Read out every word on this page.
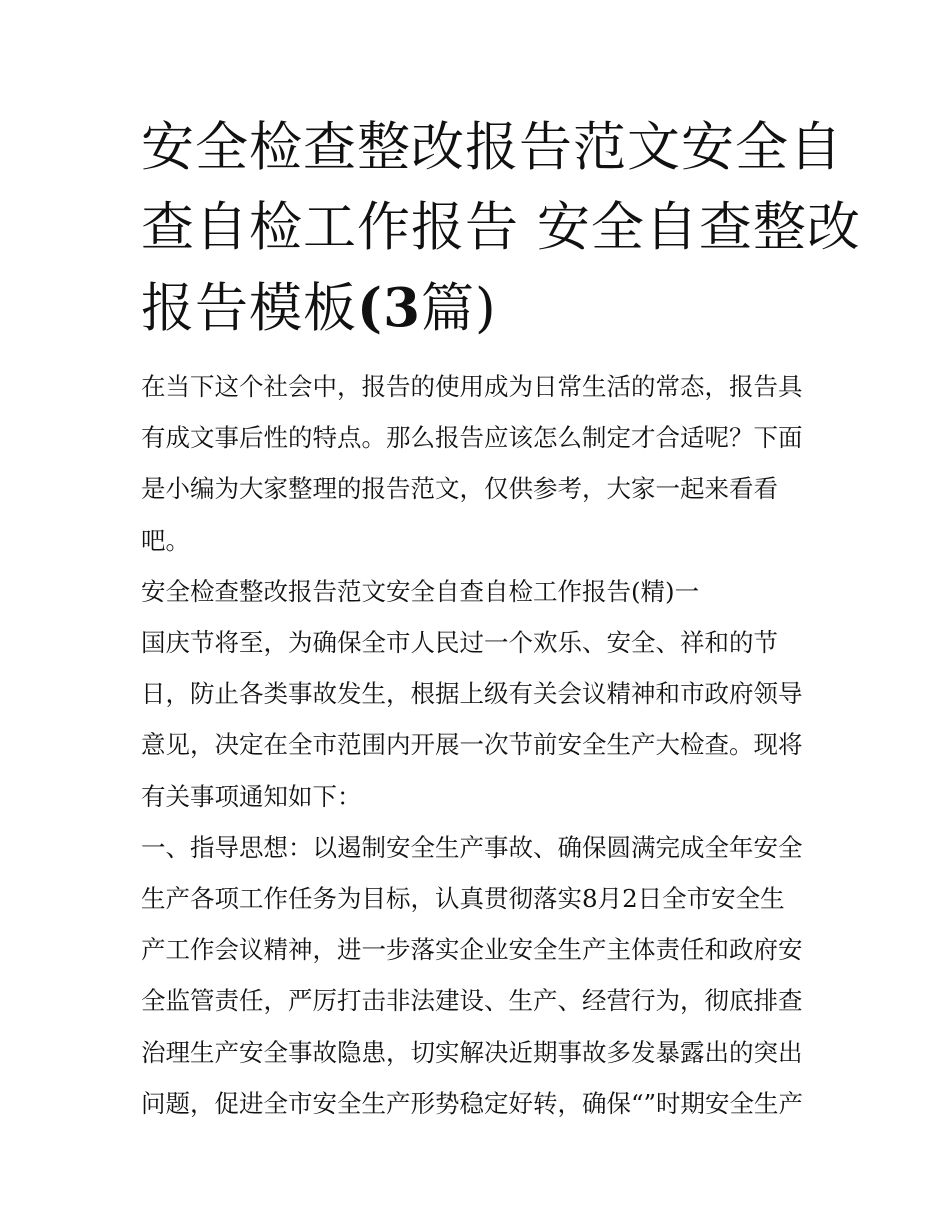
安全检查整改报告范文安全自
查自检工作报告 安全自查整改
报告模板(3篇)
在当下这个社会中，报告的使用成为日常生活的常态，报告具
有成文事后性的特点。那么报告应该怎么制定才合适呢？下面
是小编为大家整理的报告范文，仅供参考，大家一起来看看
吧。
安全检查整改报告范文安全自查自检工作报告(精)一
国庆节将至，为确保全市人民过一个欢乐、安全、祥和的节
日，防止各类事故发生，根据上级有关会议精神和市政府领导
意见，决定在全市范围内开展一次节前安全生产大检查。现将
有关事项通知如下：
一、指导思想：以遏制安全生产事故、确保圆满完成全年安全
生产各项工作任务为目标，认真贯彻落实8月2日全市安全生
产工作会议精神，进一步落实企业安全生产主体责任和政府安
全监管责任，严厉打击非法建设、生产、经营行为，彻底排查
治理生产安全事故隐患，切实解决近期事故多发暴露出的突出
问题，促进全市安全生产形势稳定好转，确保“”时期安全生产
